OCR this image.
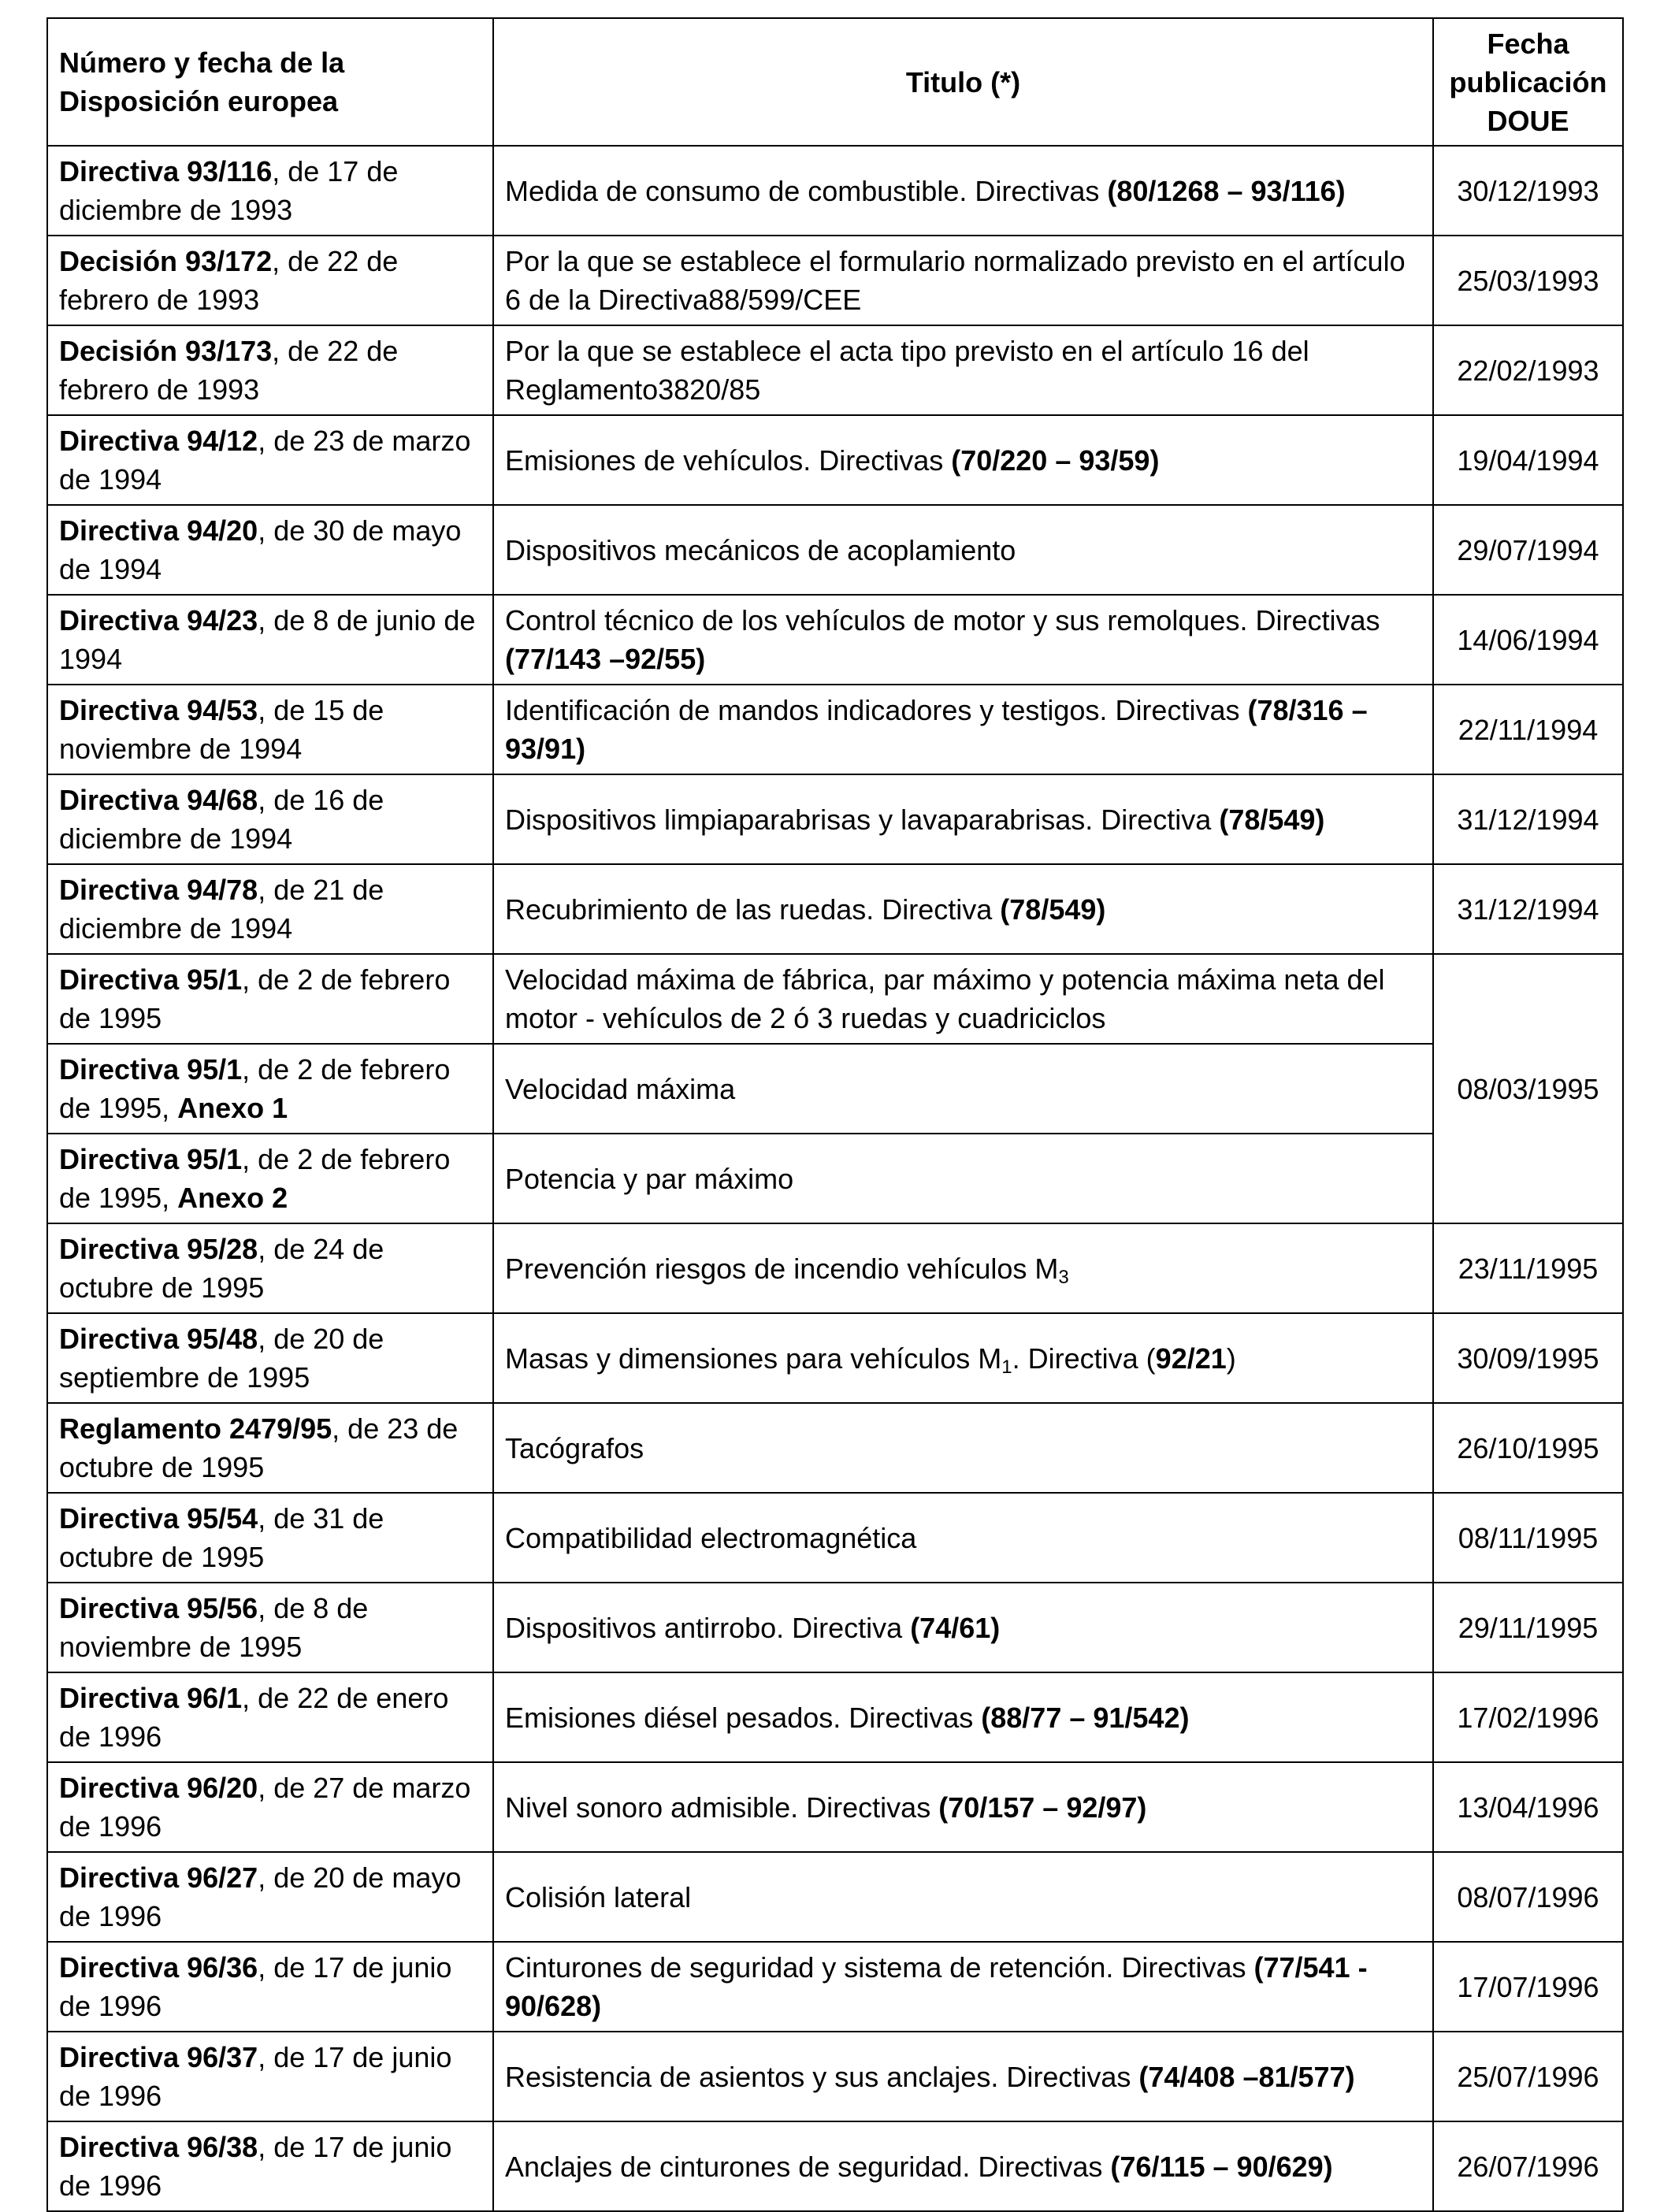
Número y fecha de la Disposición europea	Titulo (*)	Fecha publicación DOUE
Directiva 93/116, de 17 de diciembre de 1993	Medida de consumo de combustible. Directivas (80/1268 – 93/116)	30/12/1993
Decisión 93/172, de 22 de febrero de 1993	Por la que se establece el formulario normalizado previsto en el artículo 6 de la Directiva88/599/CEE	25/03/1993
Decisión 93/173, de 22 de febrero de 1993	Por la que se establece el acta tipo previsto en el artículo 16 del Reglamento3820/85	22/02/1993
Directiva 94/12, de 23 de marzo de 1994	Emisiones de vehículos. Directivas (70/220 – 93/59)	19/04/1994
Directiva 94/20, de 30 de mayo de 1994	Dispositivos mecánicos de acoplamiento	29/07/1994
Directiva 94/23, de 8 de junio de 1994	Control técnico de los vehículos de motor y sus remolques. Directivas (77/143 –92/55)	14/06/1994
Directiva 94/53, de 15 de noviembre de 1994	Identificación de mandos indicadores y testigos. Directivas (78/316 – 93/91)	22/11/1994
Directiva 94/68, de 16 de diciembre de 1994	Dispositivos limpiaparabrisas y lavaparabrisas. Directiva (78/549)	31/12/1994
Directiva 94/78, de 21 de diciembre de 1994	Recubrimiento de las ruedas. Directiva (78/549)	31/12/1994
Directiva 95/1, de 2 de febrero de 1995	Velocidad máxima de fábrica, par máximo y potencia máxima neta del motor - vehículos de 2 ó 3 ruedas y cuadriciclos	08/03/1995
Directiva 95/1, de 2 de febrero de 1995, Anexo 1	Velocidad máxima	
Directiva 95/1, de 2 de febrero de 1995, Anexo 2	Potencia y par máximo	
Directiva 95/28, de 24 de octubre de 1995	Prevención riesgos de incendio vehículos $M_3$	23/11/1995
Directiva 95/48, de 20 de septiembre de 1995	Masas y dimensiones para vehículos $M_1$. Directiva (92/21)	30/09/1995
Reglamento 2479/95, de 23 de octubre de 1995	Tacógrafos	26/10/1995
Directiva 95/54, de 31 de octubre de 1995	Compatibilidad electromagnética	08/11/1995
Directiva 95/56, de 8 de noviembre de 1995	Dispositivos antirrobo. Directiva (74/61)	29/11/1995
Directiva 96/1, de 22 de enero de 1996	Emisiones diésel pesados. Directivas (88/77 – 91/542)	17/02/1996
Directiva 96/20, de 27 de marzo de 1996	Nivel sonoro admisible. Directivas (70/157 – 92/97)	13/04/1996
Directiva 96/27, de 20 de mayo de 1996	Colisión lateral	08/07/1996
Directiva 96/36, de 17 de junio de 1996	Cinturones de seguridad y sistema de retención. Directivas (77/541 - 90/628)	17/07/1996
Directiva 96/37, de 17 de junio de 1996	Resistencia de asientos y sus anclajes. Directivas (74/408 –81/577)	25/07/1996
Directiva 96/38, de 17 de junio de 1996	Anclajes de cinturones de seguridad. Directivas (76/115 – 90/629)	26/07/1996
